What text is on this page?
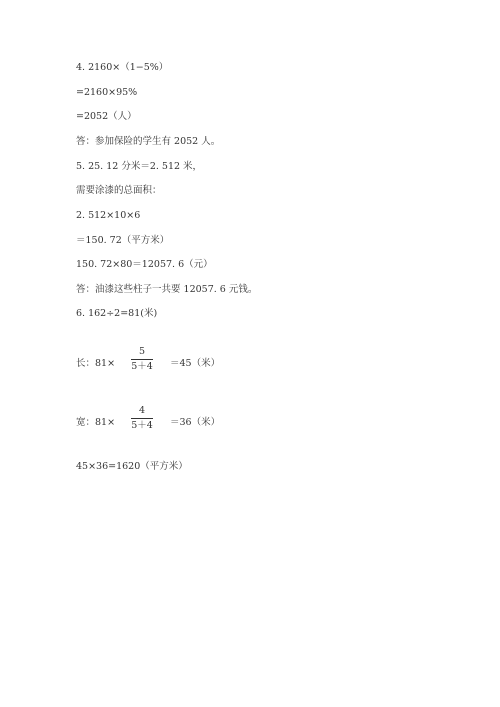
4. 2160×（1−5%）
=2160×95%
=2052（人）
答：参加保险的学生有 2052 人。
5. 25. 12 分米＝2. 512 米，
需要涂漆的总面积：
2. 512×10×6
＝150. 72（平方米）
150. 72×80＝12057. 6（元）
答：油漆这些柱子一共要 12057. 6 元钱。
6. 162÷2=81(米)
长：81×
5
5＋4 ＝45（米）
宽：81×
4
5＋4 ＝36（米）
45×36=1620（平方米）
